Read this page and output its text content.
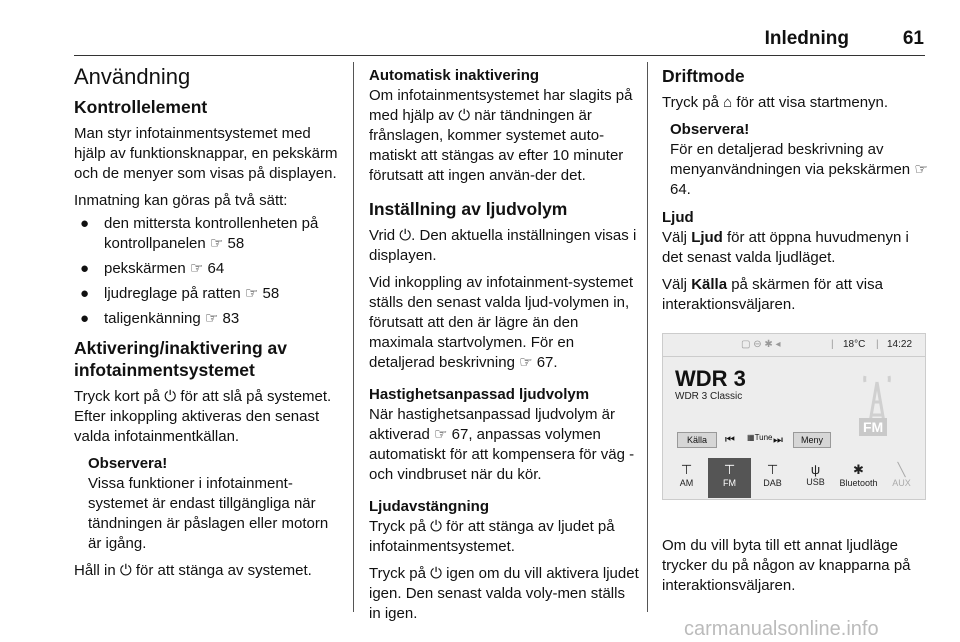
Inledning	61
Användning
Kontrollelement

Man styr infotainmentsystemet med hjälp av funktionsknappar, en pekskärm och de menyer som visas på displayen.

Inmatning kan göras på två sätt:

● den mittersta kontrollenheten på kontrollpanelen ☞ 58
● pekskärmen ☞ 64
● ljudreglage på ratten ☞ 58
● taligenkänning ☞ 83
Aktivering/inaktivering av infotainmentsystemet

Tryck kort på ⏻ för att slå på systemet. Efter inkoppling aktiveras den senast valda infotainmentkällan.

Observera!

Vissa funktioner i infotainment-systemet är endast tillgängliga när tändningen är påslagen eller motorn är igång.

Håll in ⏻ för att stänga av systemet.

Automatisk inaktivering

Om infotainmentsystemet har slagits på med hjälp av ⏻ när tändningen är frånslagen, kommer systemet auto-matiskt att stängas av efter 10 minuter förutsatt att ingen använ-der det.

Inställning av ljudvolym

Vrid ⏻. Den aktuella inställningen visas i displayen.

Vid inkoppling av infotainment-systemet ställs den senast valda ljud-volymen in, förutsatt att den är lägre än den maximala startvolymen. För en detaljerad beskrivning ☞ 67.

Hastighetsanpassad ljudvolym

När hastighetsanpassad ljudvolym är aktiverad ☞ 67, anpassas volymen automatiskt för att kompensera för väg - och vindbruset när du kör.

Ljudavstängning

Tryck på ⏻ för att stänga av ljudet på infotainmentsystemet.

Tryck på ⏻ igen om du vill aktivera ljudet igen. Den senast valda voly-men ställs in igen.

Driftmode

Tryck på ⌂ för att visa startmenyn.

Observera!

För en detaljerad beskrivning av menyanvändningen via pekskärmen ☞ 64.

Ljud

Välj Ljud för att öppna huvudmenyn i det senast valda ljudläget.

Välj Källa på skärmen för att visa interaktionsväljaren.

▢ ⊖ ✱ ◂	| 18°C | 14:22
WDR 3
WDR 3 Classic
FM
Källa	⏮ ▦Tune ⏭	Meny
⊤
AM
⊤
FM
⊤
DAB
ψ
USB
✱
Bluetooth
╲
AUX
Om du vill byta till ett annat ljudläge trycker du på någon av knapparna på interaktionsväljaren.
carmanualsonline.info
